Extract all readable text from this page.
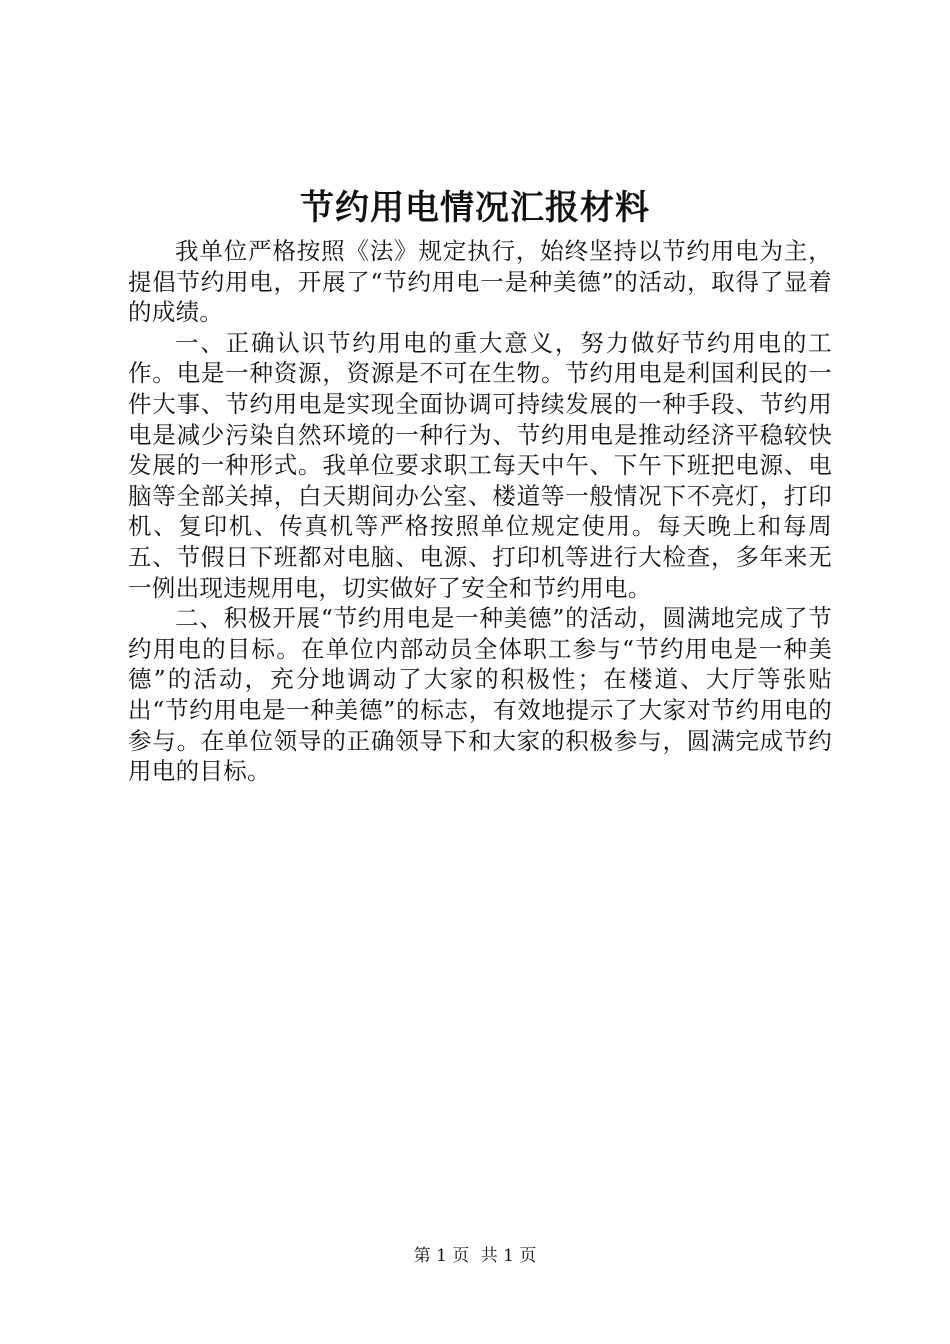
节约用电情况汇报材料

我单位严格按照《法》规定执行，始终坚持以节约用电为主，提倡节约用电，开展了“节约用电一是种美德”的活动，取得了显着的成绩。

一、正确认识节约用电的重大意义，努力做好节约用电的工作。电是一种资源，资源是不可在生物。节约用电是利国利民的一件大事、节约用电是实现全面协调可持续发展的一种手段、节约用电是减少污染自然环境的一种行为、节约用电是推动经济平稳较快发展的一种形式。我单位要求职工每天中午、下午下班把电源、电脑等全部关掉，白天期间办公室、楼道等一般情况下不亮灯，打印机、复印机、传真机等严格按照单位规定使用。每天晚上和每周五、节假日下班都对电脑、电源、打印机等进行大检查，多年来无一例出现违规用电，切实做好了安全和节约用电。

二、积极开展“节约用电是一种美德”的活动，圆满地完成了节约用电的目标。在单位内部动员全体职工参与“节约用电是一种美德”的活动，充分地调动了大家的积极性；在楼道、大厅等张贴出“节约用电是一种美德”的标志，有效地提示了大家对节约用电的参与。在单位领导的正确领导下和大家的积极参与，圆满完成节约用电的目标。

第 1 页 共 1 页
